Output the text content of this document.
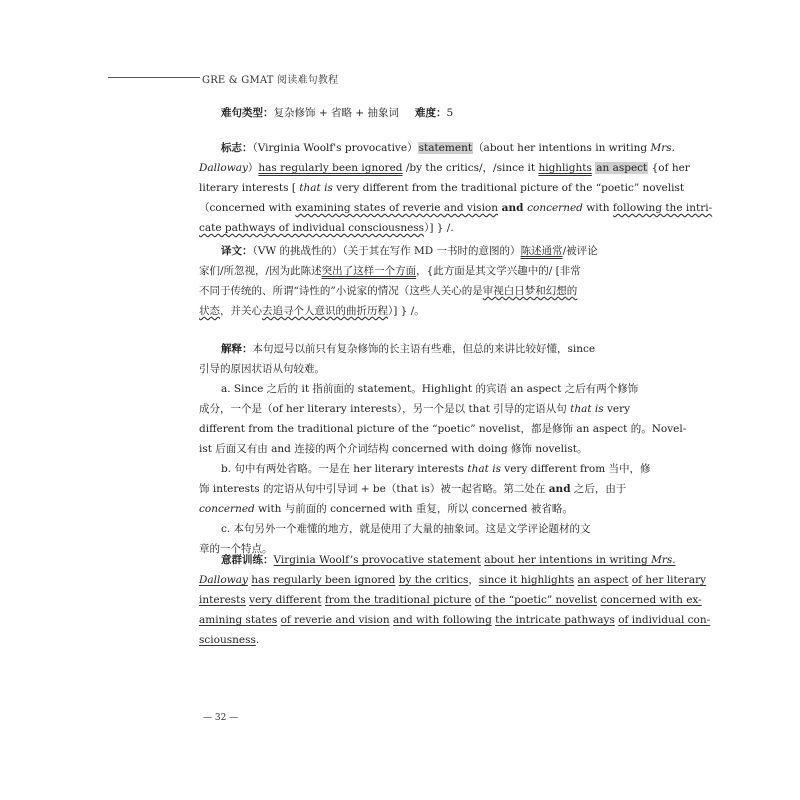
GRE & GMAT 阅读难句教程
难句类型：复杂修饰 + 省略 + 抽象词 难度：5
标志：（Virginia Woolf's provocative）statement（about her intentions in writing Mrs.
Dalloway）has regularly been ignored /by the critics/，/since it highlights an aspect {of her
literary interests [ that is very different from the traditional picture of the “poetic” novelist
（concerned with examining states of reverie and vision and concerned with following the intri-
cate pathways of individual consciousness）] } /.
译文：（VW 的挑战性的）（关于其在写作 MD 一书时的意图的）陈述通常/被评论
家们/所忽视，/因为此陈述突出了这样一个方面，{此方面是其文学兴趣中的/ [非常
不同于传统的、所谓“诗性的”小说家的情况（这些人关心的是审视白日梦和幻想的
状态，并关心去追寻个人意识的曲折历程）] } /。
解释：本句逗号以前只有复杂修饰的长主语有些难，但总的来讲比较好懂，since
引导的原因状语从句较难。
a. Since 之后的 it 指前面的 statement。Highlight 的宾语 an aspect 之后有两个修饰
成分，一个是（of her literary interests），另一个是以 that 引导的定语从句 that is very
different from the traditional picture of the “poetic” novelist，都是修饰 an aspect 的。Novel-
ist 后面又有由 and 连接的两个介词结构 concerned with doing 修饰 novelist。
b. 句中有两处省略。一是在 her literary interests that is very different from 当中，修
饰 interests 的定语从句中引导词 + be（that is）被一起省略。第二处在 and 之后，由于
concerned with 与前面的 concerned with 重复，所以 concerned 被省略。
c. 本句另外一个难懂的地方，就是使用了大量的抽象词。这是文学评论题材的文
章的一个特点。
意群训练：Virginia Woolf’s provocative statement about her intentions in writing Mrs.
Dalloway has regularly been ignored by the critics，since it highlights an aspect of her literary
interests very different from the traditional picture of the “poetic” novelist concerned with ex-
amining states of reverie and vision and with following the intricate pathways of individual con-
sciousness.
— 32 —
